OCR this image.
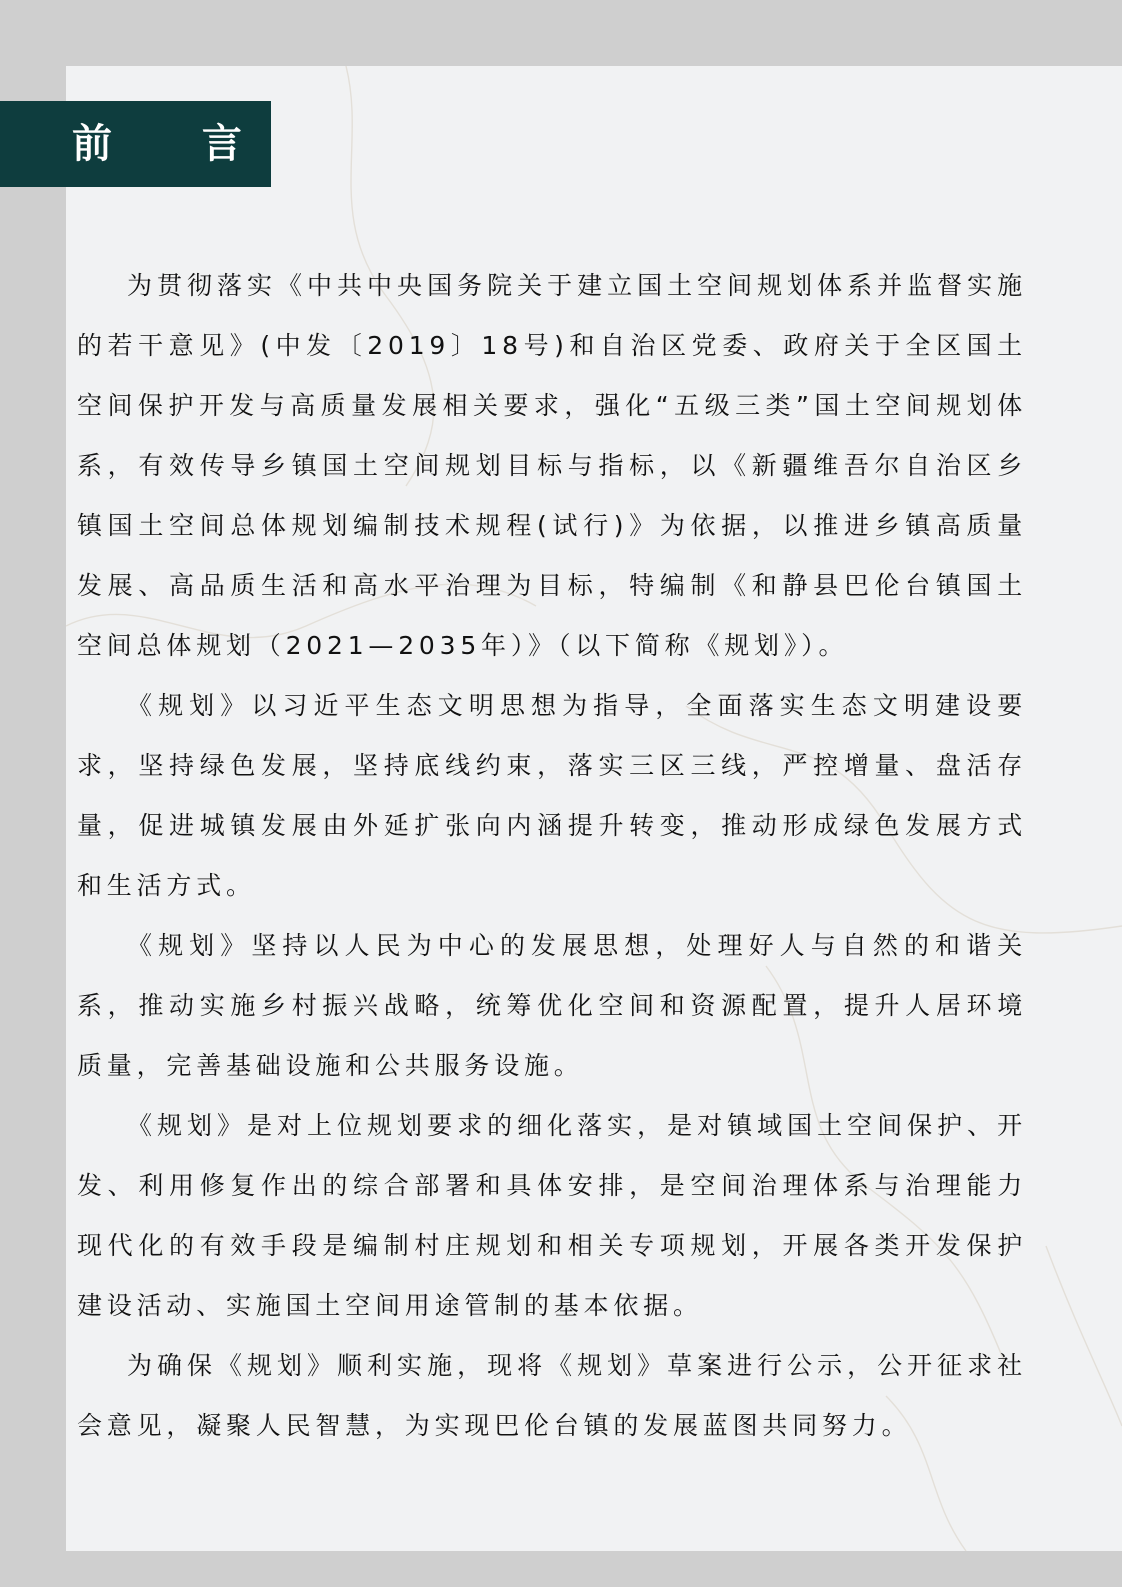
前 言

为贯彻落实《中共中央国务院关于建立国土空间规划体系并监督实施的若干意见》(中发〔2019〕18号)和自治区党委、政府关于全区国土空间保护开发与高质量发展相关要求，强化“五级三类”国土空间规划体系，有效传导乡镇国土空间规划目标与指标，以《新疆维吾尔自治区乡镇国土空间总体规划编制技术规程(试行)》为依据，以推进乡镇高质量发展、高品质生活和高水平治理为目标，特编制《和静县巴伦台镇国土空间总体规划（2021—2035年）》（以下简称《规划》）。

《规划》以习近平生态文明思想为指导，全面落实生态文明建设要求，坚持绿色发展，坚持底线约束，落实三区三线，严控增量、盘活存量，促进城镇发展由外延扩张向内涵提升转变，推动形成绿色发展方式和生活方式。

《规划》坚持以人民为中心的发展思想，处理好人与自然的和谐关系，推动实施乡村振兴战略，统筹优化空间和资源配置，提升人居环境质量，完善基础设施和公共服务设施。

《规划》是对上位规划要求的细化落实，是对镇域国土空间保护、开发、利用修复作出的综合部署和具体安排，是空间治理体系与治理能力现代化的有效手段是编制村庄规划和相关专项规划，开展各类开发保护建设活动、实施国土空间用途管制的基本依据。

为确保《规划》顺利实施，现将《规划》草案进行公示，公开征求社会意见，凝聚人民智慧，为实现巴伦台镇的发展蓝图共同努力。
